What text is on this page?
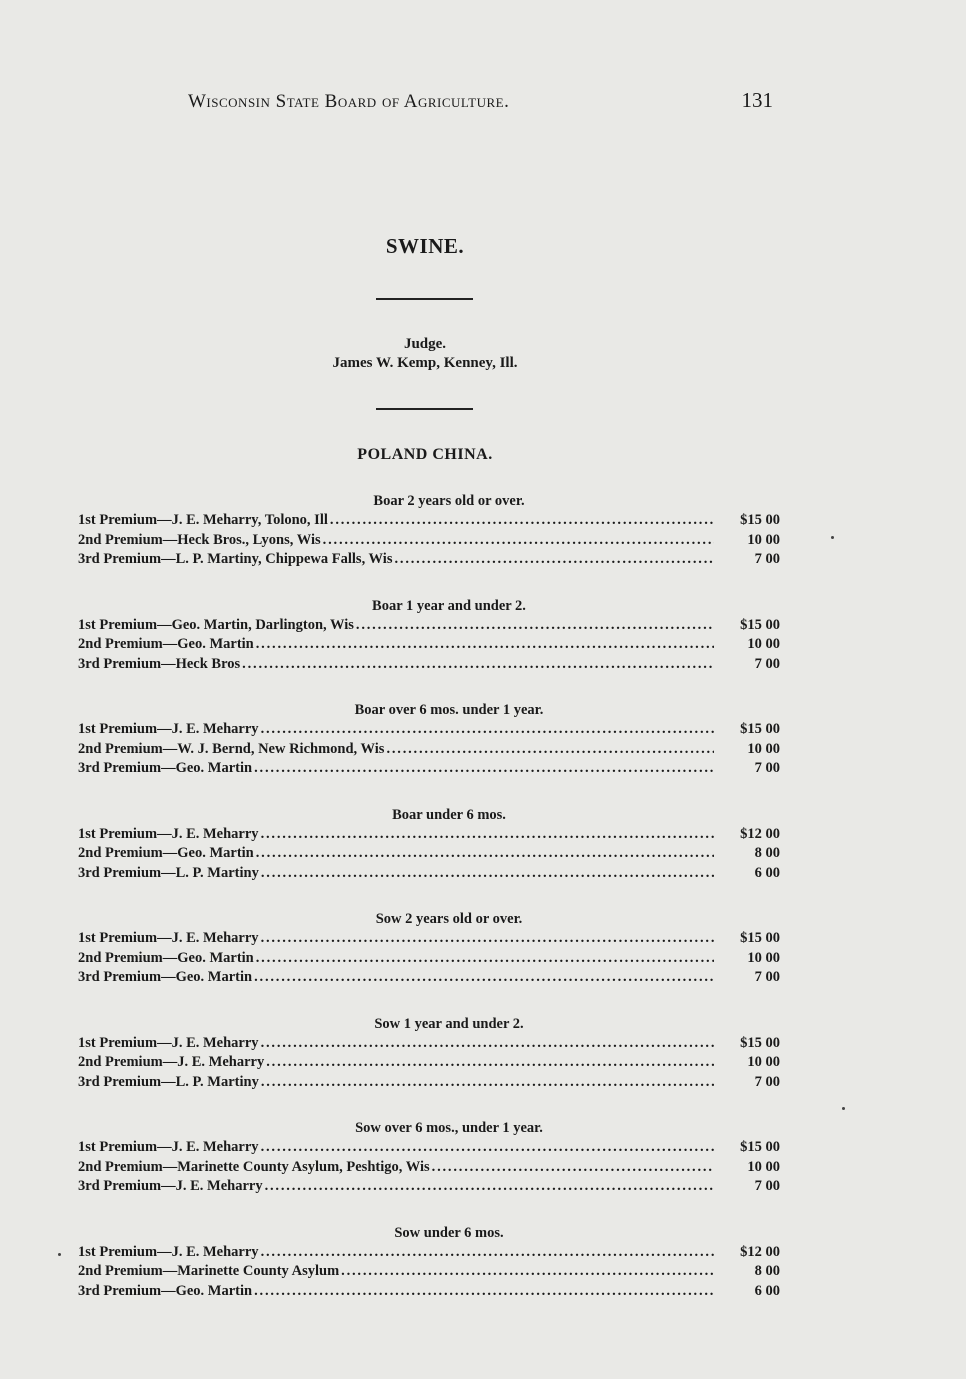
Wisconsin State Board of Agriculture.	131
SWINE.
Judge.
James W. Kemp, Kenney, Ill.
POLAND CHINA.
Boar 2 years old or over.
1st Premium—J. E. Meharry, Tolono, Ill .....	$15 00
2nd Premium—Heck Bros., Lyons, Wis .....	10 00
3rd Premium—L. P. Martiny, Chippewa Falls, Wis .....	7 00
Boar 1 year and under 2.
1st Premium—Geo. Martin, Darlington, Wis .....	$15 00
2nd Premium—Geo. Martin .....	10 00
3rd Premium—Heck Bros .....	7 00
Boar over 6 mos. under 1 year.
1st Premium—J. E. Meharry .....	$15 00
2nd Premium—W. J. Bernd, New Richmond, Wis .....	10 00
3rd Premium—Geo. Martin .....	7 00
Boar under 6 mos.
1st Premium—J. E. Meharry .....	$12 00
2nd Premium—Geo. Martin .....	8 00
3rd Premium—L. P. Martiny .....	6 00
Sow 2 years old or over.
1st Premium—J. E. Meharry .....	$15 00
2nd Premium—Geo. Martin .....	10 00
3rd Premium—Geo. Martin .....	7 00
Sow 1 year and under 2.
1st Premium—J. E. Meharry .....	$15 00
2nd Premium—J. E. Meharry .....	10 00
3rd Premium—L. P. Martiny .....	7 00
Sow over 6 mos., under 1 year.
1st Premium—J. E. Meharry .....	$15 00
2nd Premium—Marinette County Asylum, Peshtigo, Wis .....	10 00
3rd Premium—J. E. Meharry .....	7 00
Sow under 6 mos.
1st Premium—J. E. Meharry .....	$12 00
2nd Premium—Marinette County Asylum .....	8 00
3rd Premium—Geo. Martin .....	6 00
